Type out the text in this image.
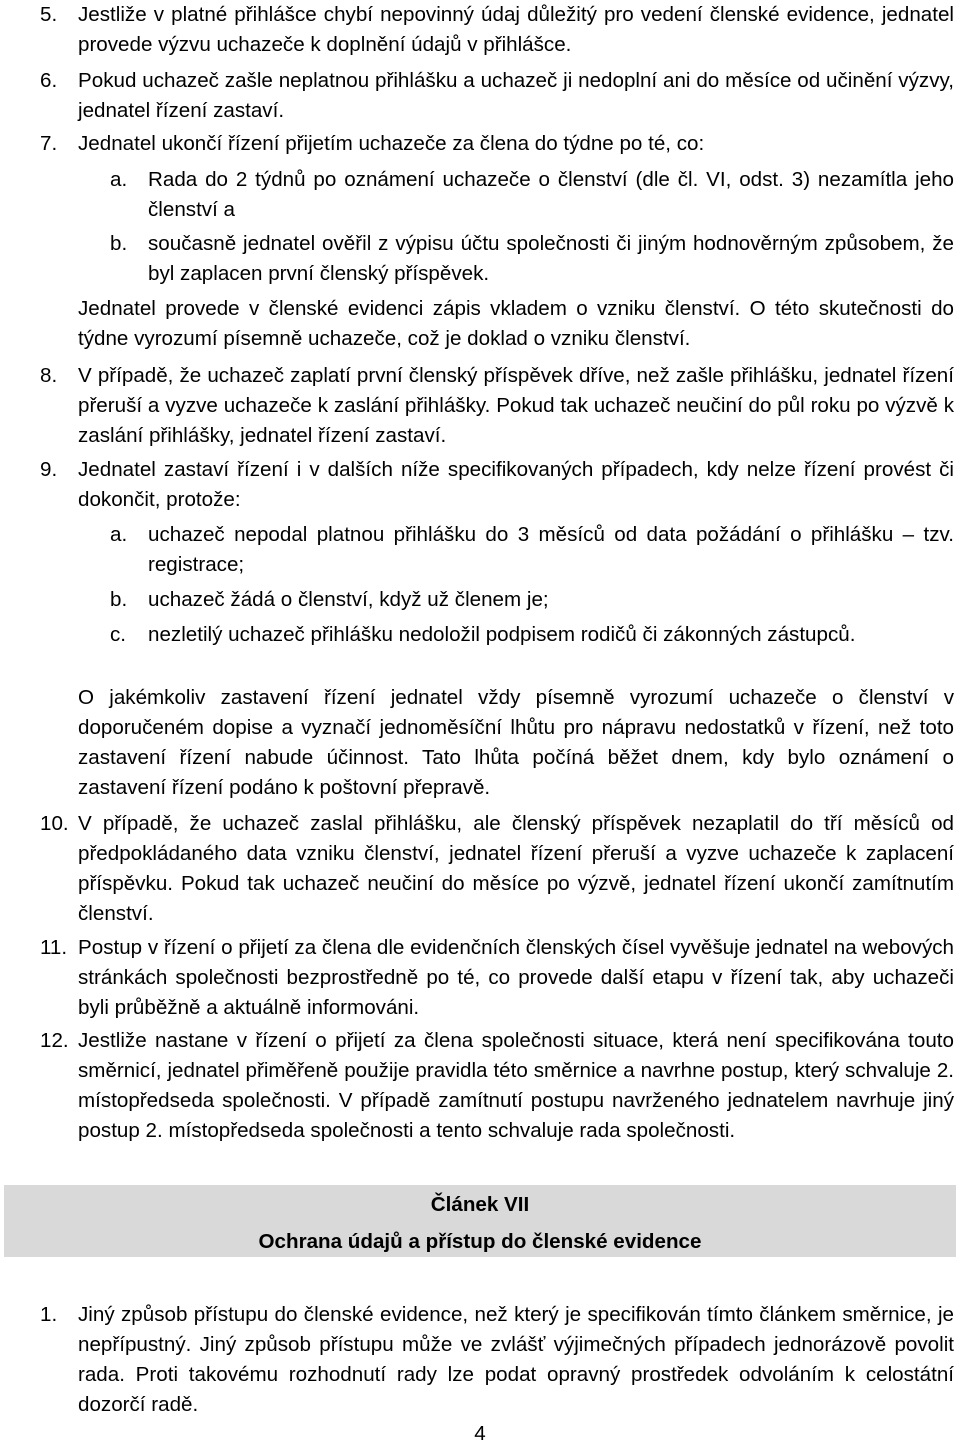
5. Jestliže v platné přihlášce chybí nepovinný údaj důležitý pro vedení členské evidence, jednatel provede výzvu uchazeče k doplnění údajů v přihlášce.
6. Pokud uchazeč zašle neplatnou přihlášku a uchazeč ji nedoplní ani do měsíce od učinění výzvy, jednatel řízení zastaví.
7. Jednatel ukončí řízení přijetím uchazeče za člena do týdne po té, co:
a. Rada do 2 týdnů po oznámení uchazeče o členství (dle čl. VI, odst. 3) nezamítla jeho členství a
b. současně jednatel ověřil z výpisu účtu společnosti či jiným hodnověrným způsobem, že byl zaplacen první členský příspěvek.
Jednatel provede v členské evidenci zápis vkladem o vzniku členství. O této skutečnosti do týdne vyrozumí písemně uchazeče, což je doklad o vzniku členství.
8. V případě, že uchazeč zaplatí první členský příspěvek dříve, než zašle přihlášku, jednatel řízení přeruší a vyzve uchazeče k zaslání přihlášky. Pokud tak uchazeč neučiní do půl roku po výzvě k zaslání přihlášky, jednatel řízení zastaví.
9. Jednatel zastaví řízení i v dalších níže specifikovaných případech, kdy nelze řízení provést či dokončit, protože:
a. uchazeč nepodal platnou přihlášku do 3 měsíců od data požádání o přihlášku – tzv. registrace;
b. uchazeč žádá o členství, když už členem je;
c. nezletilý uchazeč přihlášku nedoložil podpisem rodičů či zákonných zástupců.
O jakémkoliv zastavení řízení jednatel vždy písemně vyrozumí uchazeče o členství v doporučeném dopise a vyznačí jednoměsíční lhůtu pro nápravu nedostatků v řízení, než toto zastavení řízení nabude účinnost. Tato lhůta počíná běžet dnem, kdy bylo oznámení o zastavení řízení podáno k poštovní přepravě.
10. V případě, že uchazeč zaslal přihlášku, ale členský příspěvek nezaplatil do tří měsíců od předpokládaného data vzniku členství, jednatel řízení přeruší a vyzve uchazeče k zaplacení příspěvku. Pokud tak uchazeč neučiní do měsíce po výzvě, jednatel řízení ukončí zamítnutím členství.
11. Postup v řízení o přijetí za člena dle evidenčních členských čísel vyvěšuje jednatel na webových stránkách společnosti bezprostředně po té, co provede další etapu v řízení tak, aby uchazeči byli průběžně a aktuálně informováni.
12. Jestliže nastane v řízení o přijetí za člena společnosti situace, která není specifikována touto směrnicí, jednatel přiměřeně použije pravidla této směrnice a navrhne postup, který schvaluje 2. místopředseda společnosti. V případě zamítnutí postupu navrženého jednatelem navrhuje jiný postup 2. místopředseda společnosti a tento schvaluje rada společnosti.
Článek VII
Ochrana údajů a přístup do členské evidence
1. Jiný způsob přístupu do členské evidence, než který je specifikován tímto článkem směrnice, je nepřípustný. Jiný způsob přístupu může ve zvlášť výjimečných případech jednorázově povolit rada. Proti takovému rozhodnutí rady lze podat opravný prostředek odvoláním k celostátní dozorčí radě.
4
